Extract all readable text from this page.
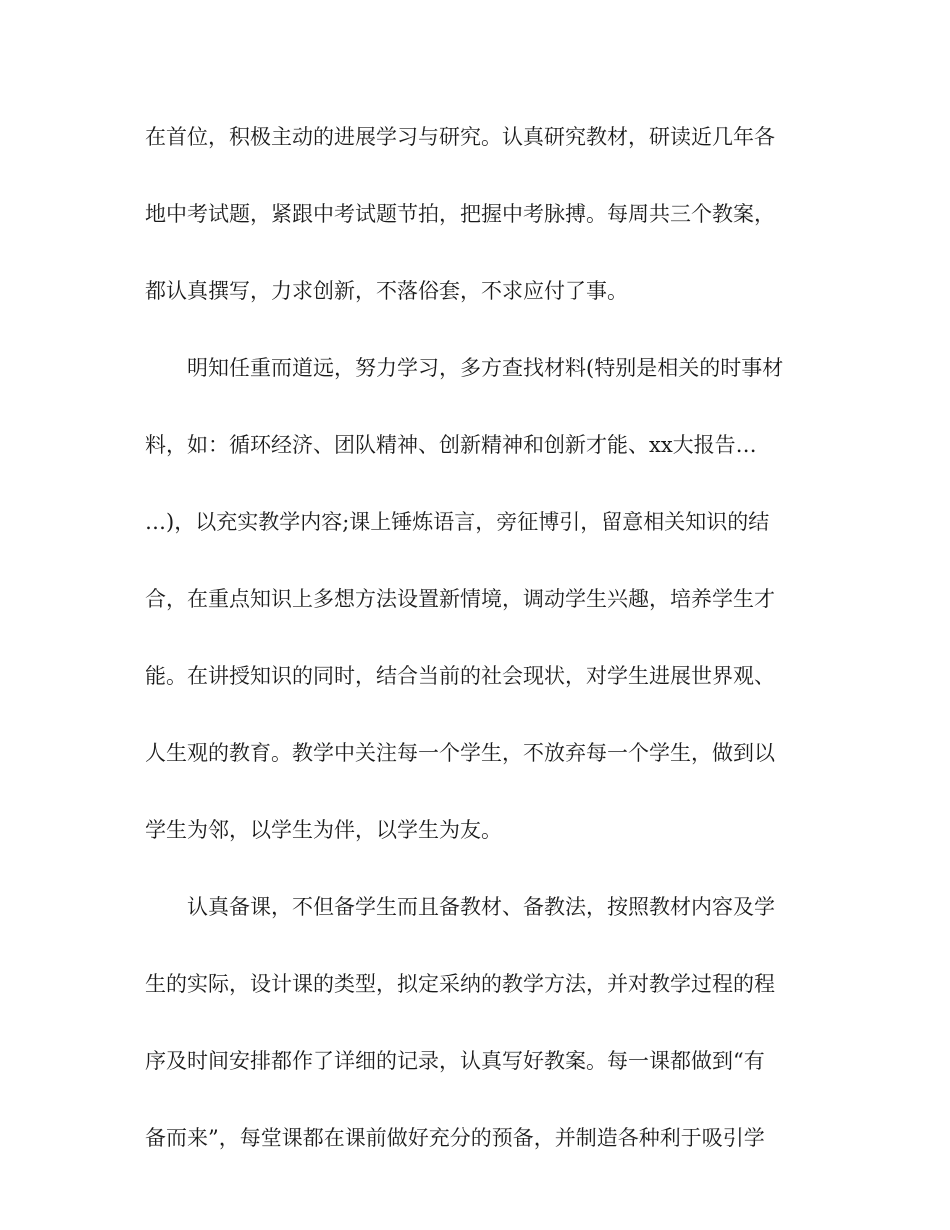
在首位，积极主动的进展学习与研究。认真研究教材，研读近几年各
地中考试题，紧跟中考试题节拍，把握中考脉搏。每周共三个教案，
都认真撰写，力求创新，不落俗套，不求应付了事。
明知任重而道远，努力学习，多方查找材料(特别是相关的时事材
料，如：循环经济、团队精神、创新精神和创新才能、xx大报告…
…)，以充实教学内容;课上锤炼语言，旁征博引，留意相关知识的结
合，在重点知识上多想方法设置新情境，调动学生兴趣，培养学生才
能。在讲授知识的同时，结合当前的社会现状，对学生进展世界观、
人生观的教育。教学中关注每一个学生，不放弃每一个学生，做到以
学生为邻，以学生为伴，以学生为友。
认真备课，不但备学生而且备教材、备教法，按照教材内容及学
生的实际，设计课的类型，拟定采纳的教学方法，并对教学过程的程
序及时间安排都作了详细的记录，认真写好教案。每一课都做到“有
备而来”，每堂课都在课前做好充分的预备，并制造各种利于吸引学
